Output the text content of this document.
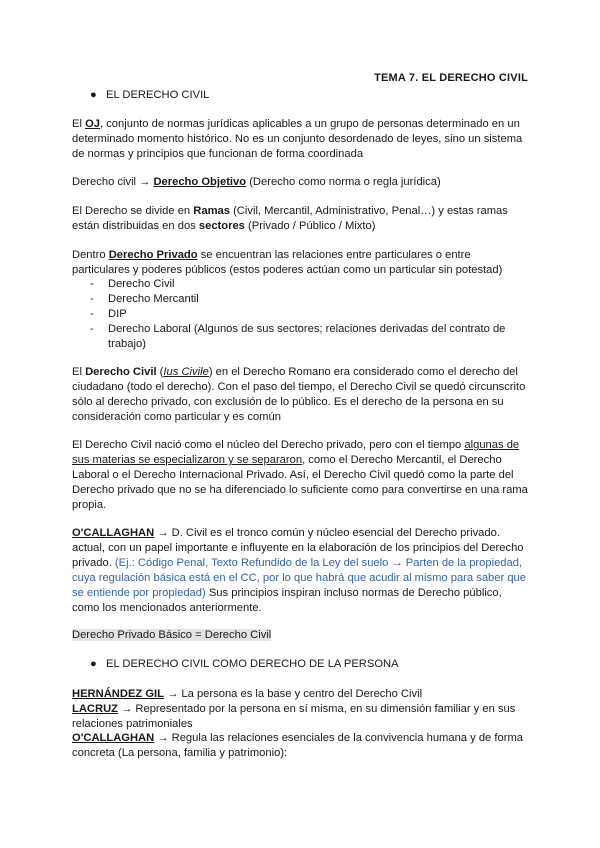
TEMA 7. EL DERECHO CIVIL
● EL DERECHO CIVIL
El OJ, conjunto de normas jurídicas aplicables a un grupo de personas determinado en un determinado momento histórico. No es un conjunto desordenado de leyes, sino un sistema de normas y principios que funcionan de forma coordinada
Derecho civil → Derecho Objetivo (Derecho como norma o regla jurídica)
El Derecho se divide en Ramas (Civil, Mercantil, Administrativo, Penal…) y estas ramas están distribuidas en dos sectores (Privado / Público / Mixto)
Dentro Derecho Privado se encuentran las relaciones entre particulares o entre particulares y poderes públicos (estos poderes actúan como un particular sin potestad)
- Derecho Civil
- Derecho Mercantil
- DIP
- Derecho Laboral (Algunos de sus sectores; relaciones derivadas del contrato de trabajo)
El Derecho Civil (Ius Civile) en el Derecho Romano era considerado como el derecho del ciudadano (todo el derecho). Con el paso del tiempo, el Derecho Civil se quedó circunscrito sólo al derecho privado, con exclusión de lo público. Es el derecho de la persona en su consideración como particular y es común
El Derecho Civil nació como el núcleo del Derecho privado, pero con el tiempo algunas de sus materias se especializaron y se separaron, como el Derecho Mercantil, el Derecho Laboral o el Derecho Internacional Privado. Así, el Derecho Civil quedó como la parte del Derecho privado que no se ha diferenciado lo suficiente como para convertirse en una rama propia.
O'CALLAGHAN → D. Civil es el tronco común y núcleo esencial del Derecho privado. actual, con un papel importante e influyente en la elaboración de los principios del Derecho privado. (Ej.: Código Penal, Texto Refundido de la Ley del suelo → Parten de la propiedad, cuya regulación básica está en el CC, por lo que habrá que acudir al mismo para saber que se entiende por propiedad) Sus principios inspiran incluso normas de Derecho público, como los mencionados anteriormente.
Derecho Privado Básico = Derecho Civil
● EL DERECHO CIVIL COMO DERECHO DE LA PERSONA
HERNÁNDEZ GIL → La persona es la base y centro del Derecho Civil
LACRUZ → Representado por la persona en sí misma, en su dimensión familiar y en sus relaciones patrimoniales
O'CALLAGHAN → Regula las relaciones esenciales de la convivencia humana y de forma concreta (La persona, familia y patrimonio):
